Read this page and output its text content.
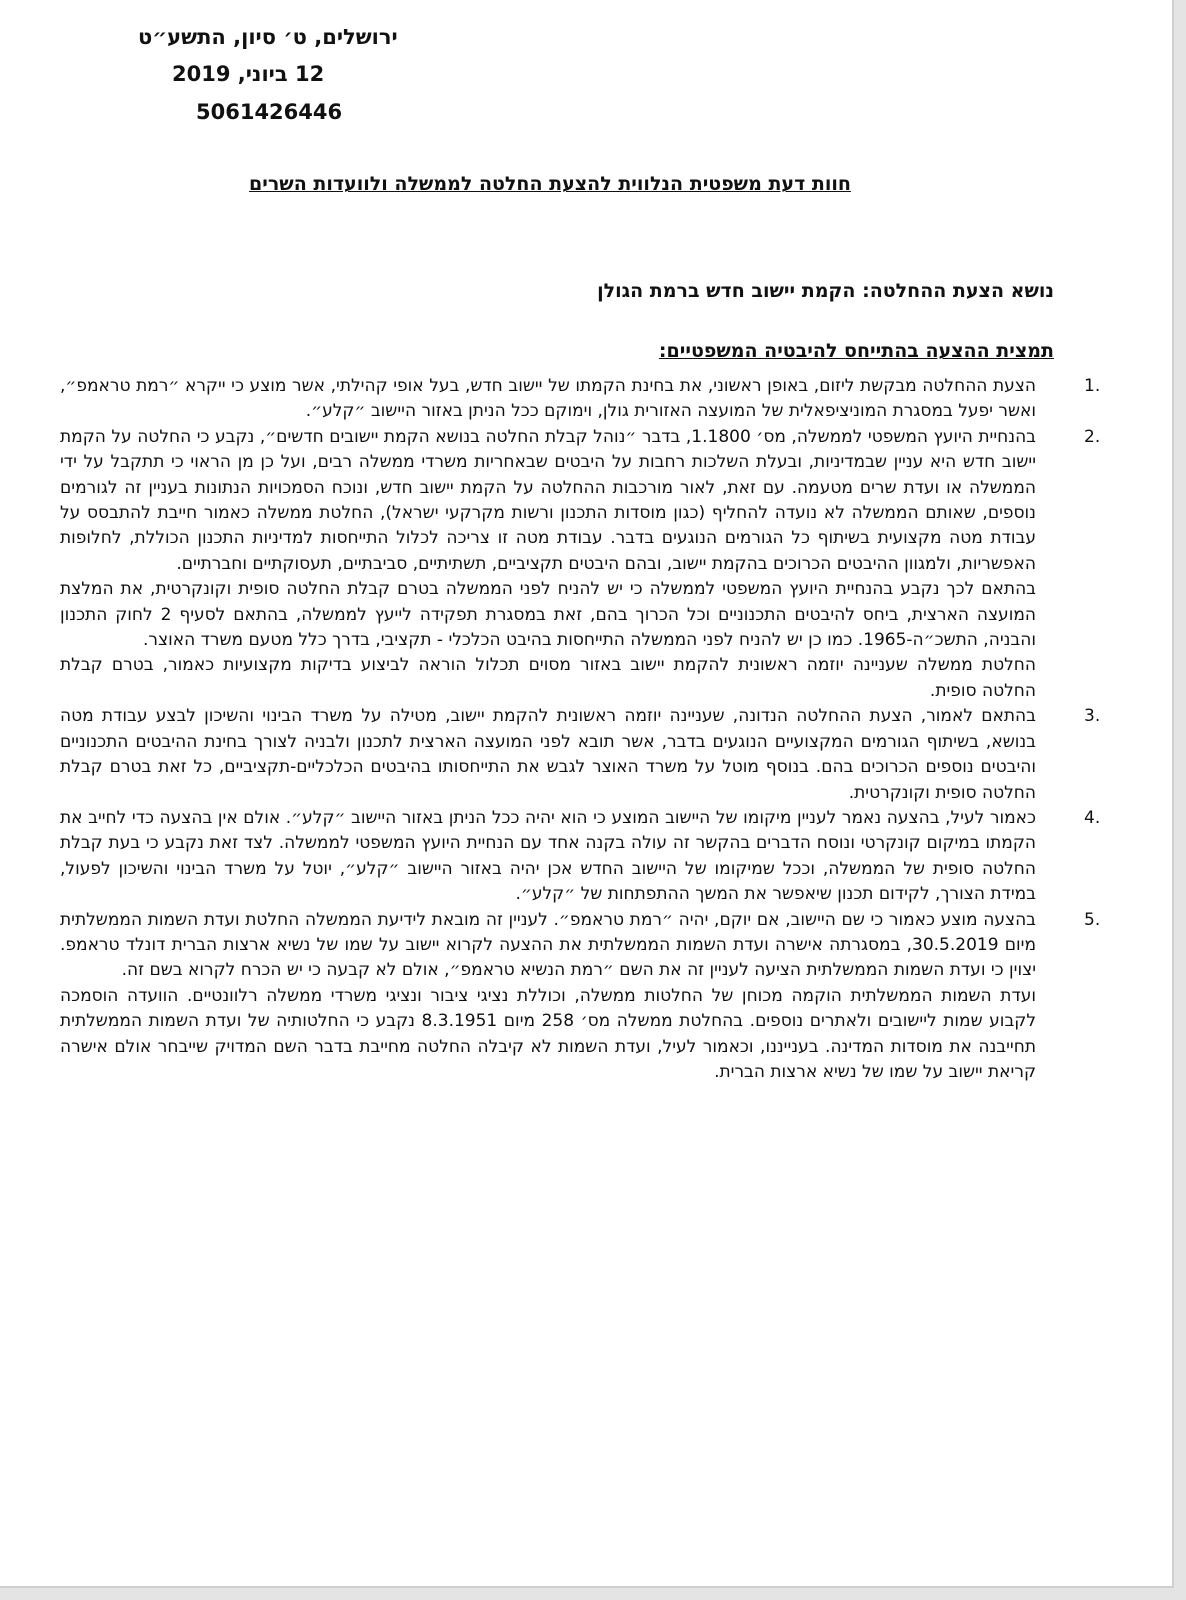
ירושלים, ט׳ סיון, התשע״ט
12 ביוני, 2019
5061426446
חוות דעת משפטית הנלווית להצעת החלטה לממשלה ולוועדות השרים
נושא הצעת ההחלטה: הקמת יישוב חדש ברמת הגולן
תמצית ההצעה בהתייחס להיבטיה המשפטיים:
1.

הצעת ההחלטה מבקשת ליזום, באופן ראשוני, את בחינת הקמתו של יישוב חדש, בעל אופי קהילתי, אשר מוצע כי ייקרא ״רמת טראמפ״, ואשר יפעל במסגרת המוניציפאלית של המועצה האזורית גולן, וימוקם ככל הניתן באזור היישוב ״קלע״.

2.

בהנחיית היועץ המשפטי לממשלה, מס׳ 1.1800, בדבר ״נוהל קבלת החלטה בנושא הקמת יישובים חדשים״, נקבע כי החלטה על הקמת יישוב חדש היא עניין שבמדיניות, ובעלת השלכות רחבות על היבטים שבאחריות משרדי ממשלה רבים, ועל כן מן הראוי כי תתקבל על ידי הממשלה או ועדת שרים מטעמה. עם זאת, לאור מורכבות ההחלטה על הקמת יישוב חדש, ונוכח הסמכויות הנתונות בעניין זה לגורמים נוספים, שאותם הממשלה לא נועדה להחליף (כגון מוסדות התכנון ורשות מקרקעי ישראל), החלטת ממשלה כאמור חייבת להתבסס על עבודת מטה מקצועית בשיתוף כל הגורמים הנוגעים בדבר. עבודת מטה זו צריכה לכלול התייחסות למדיניות התכנון הכוללת, לחלופות האפשריות, ולמגוון ההיבטים הכרוכים בהקמת יישוב, ובהם היבטים תקציביים, תשתיתיים, סביבתיים, תעסוקתיים וחברתיים.

בהתאם לכך נקבע בהנחיית היועץ המשפטי לממשלה כי יש להניח לפני הממשלה בטרם קבלת החלטה סופית וקונקרטית, את המלצת המועצה הארצית, ביחס להיבטים התכנוניים וכל הכרוך בהם, זאת במסגרת תפקידה לייעץ לממשלה, בהתאם לסעיף 2 לחוק התכנון והבניה, התשכ״ה-1965. כמו כן יש להניח לפני הממשלה התייחסות בהיבט הכלכלי - תקציבי, בדרך כלל מטעם משרד האוצר.

החלטת ממשלה שעניינה יוזמה ראשונית להקמת יישוב באזור מסוים תכלול הוראה לביצוע בדיקות מקצועיות כאמור, בטרם קבלת החלטה סופית.

3.

בהתאם לאמור, הצעת ההחלטה הנדונה, שעניינה יוזמה ראשונית להקמת יישוב, מטילה על משרד הבינוי והשיכון לבצע עבודת מטה בנושא, בשיתוף הגורמים המקצועיים הנוגעים בדבר, אשר תובא לפני המועצה הארצית לתכנון ולבניה לצורך בחינת ההיבטים התכנוניים והיבטים נוספים הכרוכים בהם. בנוסף מוטל על משרד האוצר לגבש את התייחסותו בהיבטים הכלכליים-תקציביים, כל זאת בטרם קבלת החלטה סופית וקונקרטית.

4.

כאמור לעיל, בהצעה נאמר לעניין מיקומו של היישוב המוצע כי הוא יהיה ככל הניתן באזור היישוב ״קלע״. אולם אין בהצעה כדי לחייב את הקמתו במיקום קונקרטי ונוסח הדברים בהקשר זה עולה בקנה אחד עם הנחיית היועץ המשפטי לממשלה. לצד זאת נקבע כי בעת קבלת החלטה סופית של הממשלה, וככל שמיקומו של היישוב החדש אכן יהיה באזור היישוב ״קלע״, יוטל על משרד הבינוי והשיכון לפעול, במידת הצורך, לקידום תכנון שיאפשר את המשך ההתפתחות של ״קלע״.

5.

בהצעה מוצע כאמור כי שם היישוב, אם יוקם, יהיה ״רמת טראמפ״. לעניין זה מובאת לידיעת הממשלה החלטת ועדת השמות הממשלתית מיום 30.5.2019, במסגרתה אישרה ועדת השמות הממשלתית את ההצעה לקרוא יישוב על שמו של נשיא ארצות הברית דונלד טראמפ. יצוין כי ועדת השמות הממשלתית הציעה לעניין זה את השם ״רמת הנשיא טראמפ״, אולם לא קבעה כי יש הכרח לקרוא בשם זה.

ועדת השמות הממשלתית הוקמה מכוחן של החלטות ממשלה, וכוללת נציגי ציבור ונציגי משרדי ממשלה רלוונטיים. הוועדה הוסמכה לקבוע שמות ליישובים ולאתרים נוספים. בהחלטת ממשלה מס׳ 258 מיום 8.3.1951 נקבע כי החלטותיה של ועדת השמות הממשלתית תחייבנה את מוסדות המדינה. בענייננו, וכאמור לעיל, ועדת השמות לא קיבלה החלטה מחייבת בדבר השם המדויק שייבחר אולם אישרה קריאת יישוב על שמו של נשיא ארצות הברית.
